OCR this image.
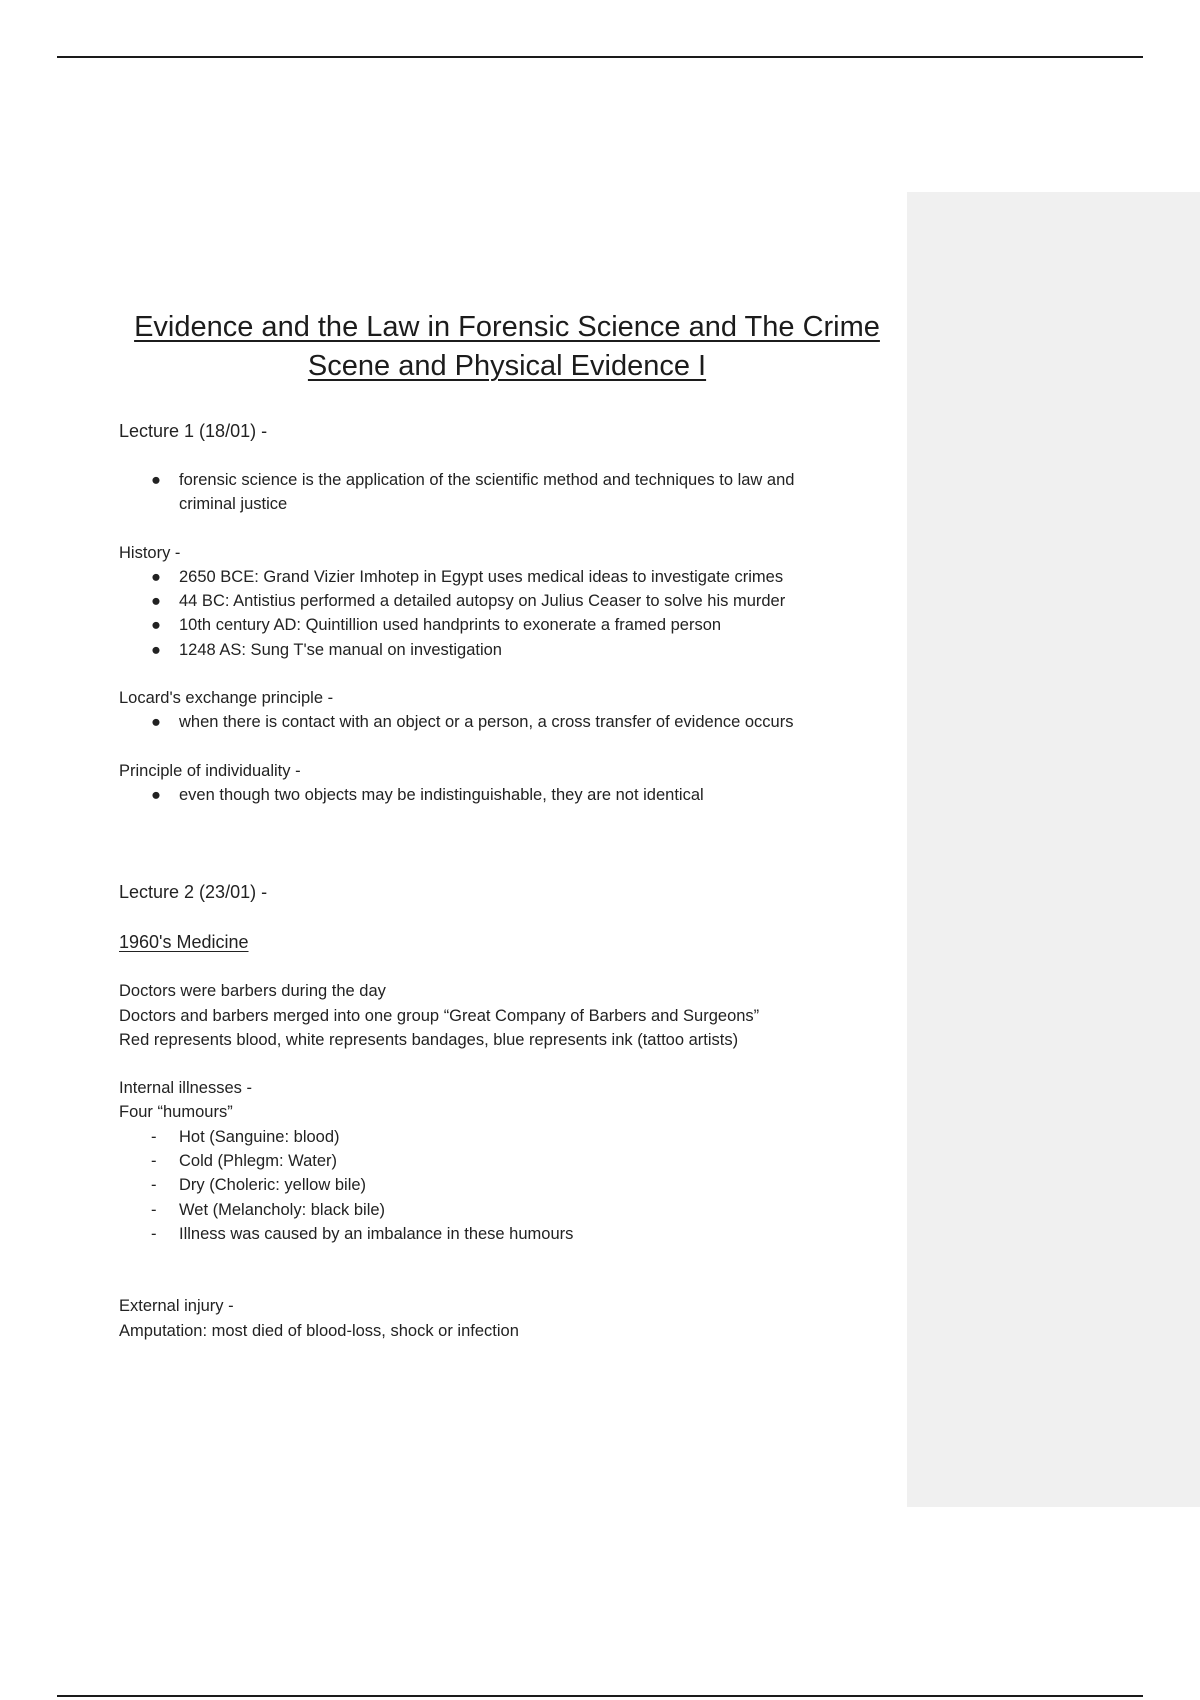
Evidence and the Law in Forensic Science and The Crime
Scene and Physical Evidence I
Lecture 1 (18/01) -
● forensic science is the application of the scientific method and techniques to law and
criminal justice
History -
● 2650 BCE: Grand Vizier Imhotep in Egypt uses medical ideas to investigate crimes
● 44 BC: Antistius performed a detailed autopsy on Julius Ceaser to solve his murder
● 10th century AD: Quintillion used handprints to exonerate a framed person
● 1248 AS: Sung T'se manual on investigation
Locard's exchange principle -
● when there is contact with an object or a person, a cross transfer of evidence occurs
Principle of individuality -
● even though two objects may be indistinguishable, they are not identical
Lecture 2 (23/01) -
1960's Medicine
Doctors were barbers during the day
Doctors and barbers merged into one group “Great Company of Barbers and Surgeons”
Red represents blood, white represents bandages, blue represents ink (tattoo artists)
Internal illnesses -
Four “humours”
- Hot (Sanguine: blood)
- Cold (Phlegm: Water)
- Dry (Choleric: yellow bile)
- Wet (Melancholy: black bile)
- Illness was caused by an imbalance in these humours
External injury -
Amputation: most died of blood-loss, shock or infection
